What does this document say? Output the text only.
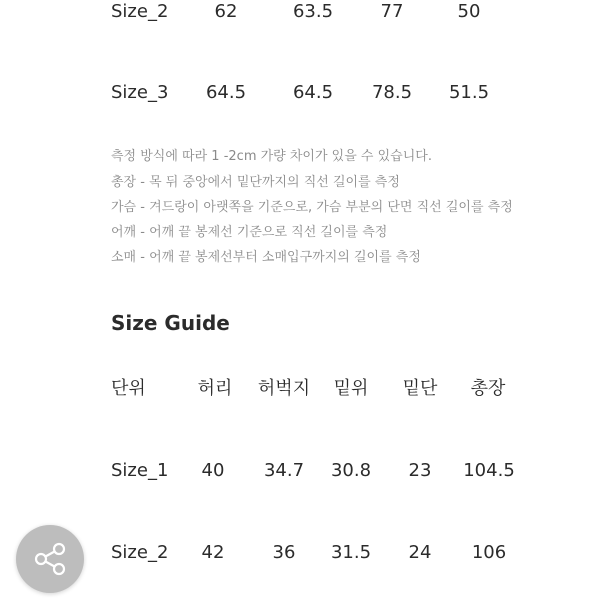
Size_2	62	63.5	77	50
Size_3 64.5	64.5 78.5 51.5
측정 방식에 따라 1 -2cm 가량 차이가 있을 수 있습니다.
총장 - 목 뒤 중앙에서 밑단까지의 직선 길이를 측정
가슴 - 겨드랑이 아랫쪽을 기준으로, 가슴 부분의 단면 직선 길이를 측정
어깨 - 어깨 끝 봉제선 기준으로 직선 길이를 측정
소매 - 어깨 끝 봉제선부터 소매입구까지의 길이를 측정
Size Guide
단위	허리 허벅지 밑위 밑단 총장
Size_1 40 34.7 30.8 23 104.5
Size_2 42	36 31.5 24 106
